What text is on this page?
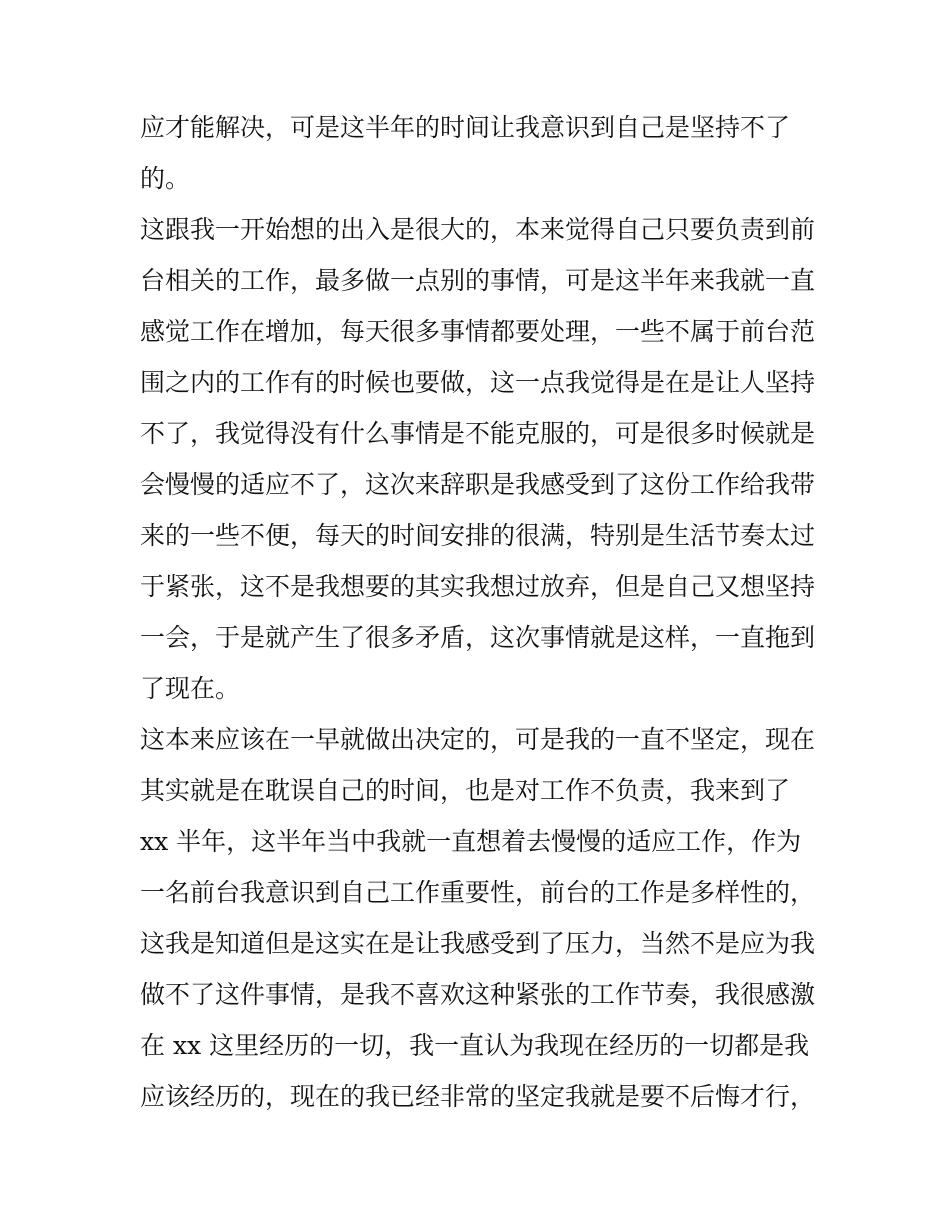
应才能解决，可是这半年的时间让我意识到自己是坚持不了
的。
这跟我一开始想的出入是很大的，本来觉得自己只要负责到前
台相关的工作，最多做一点别的事情，可是这半年来我就一直
感觉工作在增加，每天很多事情都要处理，一些不属于前台范
围之内的工作有的时候也要做，这一点我觉得是在是让人坚持
不了，我觉得没有什么事情是不能克服的，可是很多时候就是
会慢慢的适应不了，这次来辞职是我感受到了这份工作给我带
来的一些不便，每天的时间安排的很满，特别是生活节奏太过
于紧张，这不是我想要的其实我想过放弃，但是自己又想坚持
一会，于是就产生了很多矛盾，这次事情就是这样，一直拖到
了现在。
这本来应该在一早就做出决定的，可是我的一直不坚定，现在
其实就是在耽误自己的时间，也是对工作不负责，我来到了
xx 半年，这半年当中我就一直想着去慢慢的适应工作，作为
一名前台我意识到自己工作重要性，前台的工作是多样性的，
这我是知道但是这实在是让我感受到了压力，当然不是应为我
做不了这件事情，是我不喜欢这种紧张的工作节奏，我很感激
在 xx 这里经历的一切，我一直认为我现在经历的一切都是我
应该经历的，现在的我已经非常的坚定我就是要不后悔才行，
